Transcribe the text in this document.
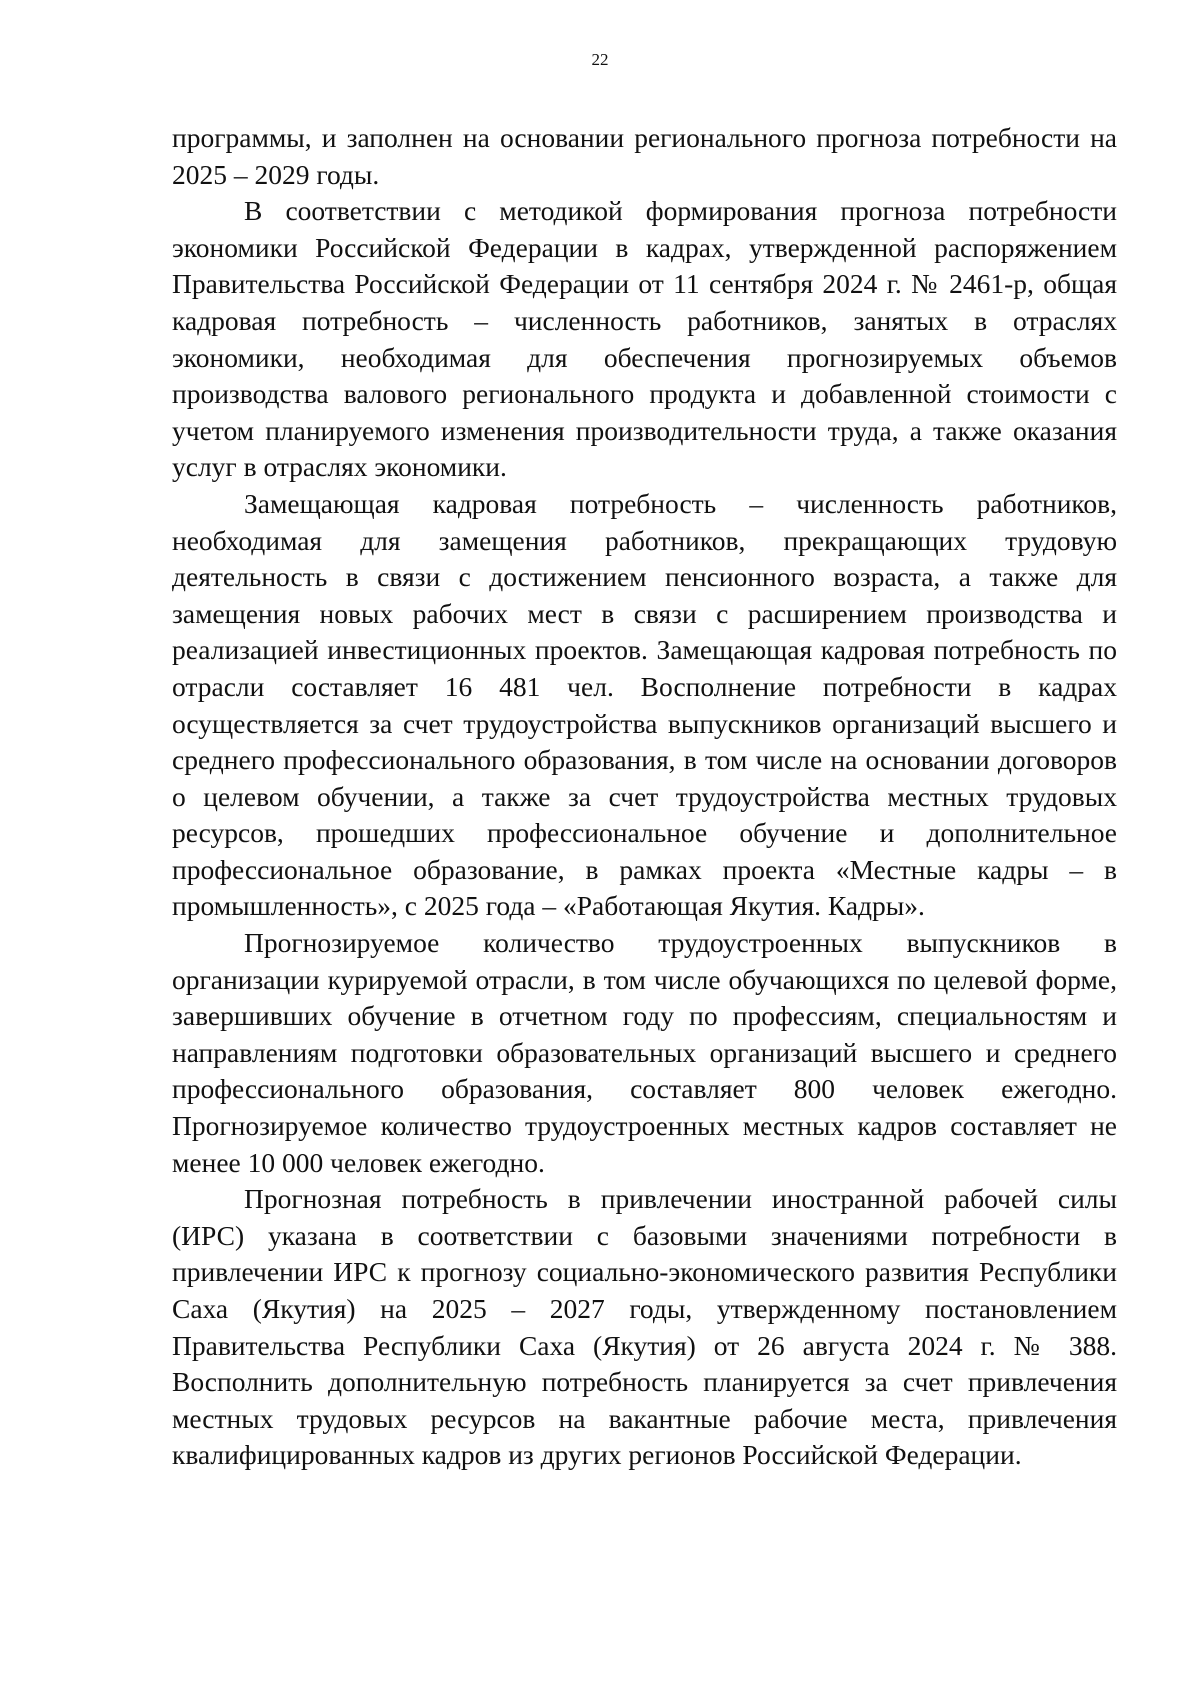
22

программы, и заполнен на основании регионального прогноза потребности на 2025 – 2029 годы.

В соответствии с методикой формирования прогноза потребности экономики Российской Федерации в кадрах, утвержденной распоряжением Правительства Российской Федерации от 11 сентября 2024 г. № 2461-р, общая кадровая потребность – численность работников, занятых в отраслях экономики, необходимая для обеспечения прогнозируемых объемов производства валового регионального продукта и добавленной стоимости с учетом планируемого изменения производительности труда, а также оказания услуг в отраслях экономики.

Замещающая кадровая потребность – численность работников, необходимая для замещения работников, прекращающих трудовую деятельность в связи с достижением пенсионного возраста, а также для замещения новых рабочих мест в связи с расширением производства и реализацией инвестиционных проектов. Замещающая кадровая потребность по отрасли составляет 16 481 чел. Восполнение потребности в кадрах осуществляется за счет трудоустройства выпускников организаций высшего и среднего профессионального образования, в том числе на основании договоров о целевом обучении, а также за счет трудоустройства местных трудовых ресурсов, прошедших профессиональное обучение и дополнительное профессиональное образование, в рамках проекта «Местные кадры – в промышленность», с 2025 года – «Работающая Якутия. Кадры».

Прогнозируемое количество трудоустроенных выпускников в организации курируемой отрасли, в том числе обучающихся по целевой форме, завершивших обучение в отчетном году по профессиям, специальностям и направлениям подготовки образовательных организаций высшего и среднего профессионального образования, составляет 800 человек ежегодно. Прогнозируемое количество трудоустроенных местных кадров составляет не менее 10 000 человек ежегодно.

Прогнозная потребность в привлечении иностранной рабочей силы (ИРС) указана в соответствии с базовыми значениями потребности в привлечении ИРС к прогнозу социально-экономического развития Республики Саха (Якутия) на 2025 – 2027 годы, утвержденному постановлением Правительства Республики Саха (Якутия) от 26 августа 2024 г. № 388. Восполнить дополнительную потребность планируется за счет привлечения местных трудовых ресурсов на вакантные рабочие места, привлечения квалифицированных кадров из других регионов Российской Федерации.
